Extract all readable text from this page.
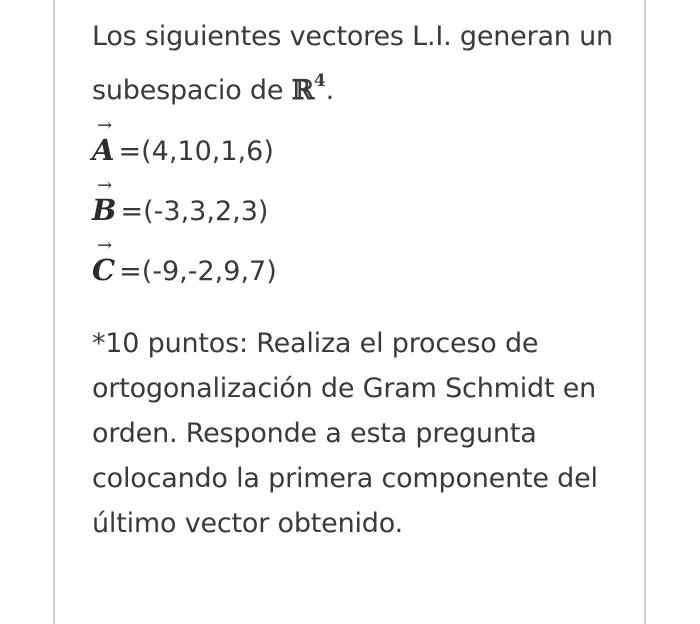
Los siguientes vectores L.I. generan un subespacio de ℝ$^4$.

→
A =(4,10,1,6)
→
B =(-3,3,2,3)
→
C =(-9,-2,9,7)

*10 puntos: Realiza el proceso de ortogonalización de Gram Schmidt en orden. Responde a esta pregunta colocando la primera componente del último vector obtenido.
